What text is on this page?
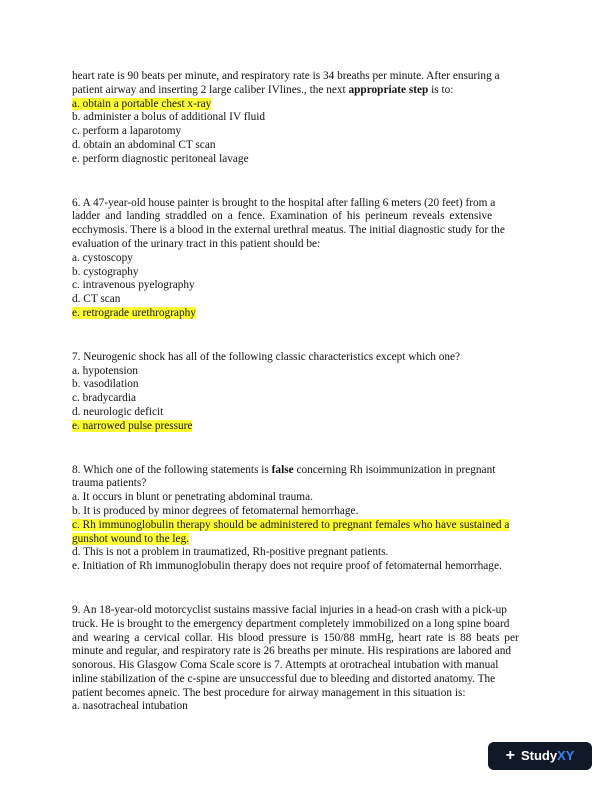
heart rate is 90 beats per minute, and respiratory rate is 34 breaths per minute. After ensuring a
patient airway and inserting 2 large caliber IVlines., the next appropriate step is to:
a. obtain a portable chest x-ray
b. administer a bolus of additional IV fluid
c. perform a laparotomy
d. obtain an abdominal CT scan
e. perform diagnostic peritoneal lavage
6. A 47-year-old house painter is brought to the hospital after falling 6 meters (20 feet) from a
ladder and landing straddled on a fence. Examination of his perineum reveals extensive
ecchymosis. There is a blood in the external urethral meatus. The initial diagnostic study for the
evaluation of the urinary tract in this patient should be:
a. cystoscopy
b. cystography
c. intravenous pyelography
d. CT scan
e. retrograde urethrography
7. Neurogenic shock has all of the following classic characteristics except which one?
a. hypotension
b. vasodilation
c. bradycardia
d. neurologic deficit
e. narrowed pulse pressure
8. Which one of the following statements is false concerning Rh isoimmunization in pregnant
trauma patients?
a. It occurs in blunt or penetrating abdominal trauma.
b. It is produced by minor degrees of fetomaternal hemorrhage.
c. Rh immunoglobulin therapy should be administered to pregnant females who have sustained a
gunshot wound to the leg.
d. This is not a problem in traumatized, Rh-positive pregnant patients.
e. Initiation of Rh immunoglobulin therapy does not require proof of fetomaternal hemorrhage.
9. An 18-year-old motorcyclist sustains massive facial injuries in a head-on crash with a pick-up
truck. He is brought to the emergency department completely immobilized on a long spine board
and wearing a cervical collar. His blood pressure is 150/88 mmHg, heart rate is 88 beats per
minute and regular, and respiratory rate is 26 breaths per minute. His respirations are labored and
sonorous. His Glasgow Coma Scale score is 7. Attempts at orotracheal intubation with manual
inline stabilization of the c-spine are unsuccessful due to bleeding and distorted anatomy. The
patient becomes apneic. The best procedure for airway management in this situation is:
a. nasotracheal intubation
+ StudyXY
